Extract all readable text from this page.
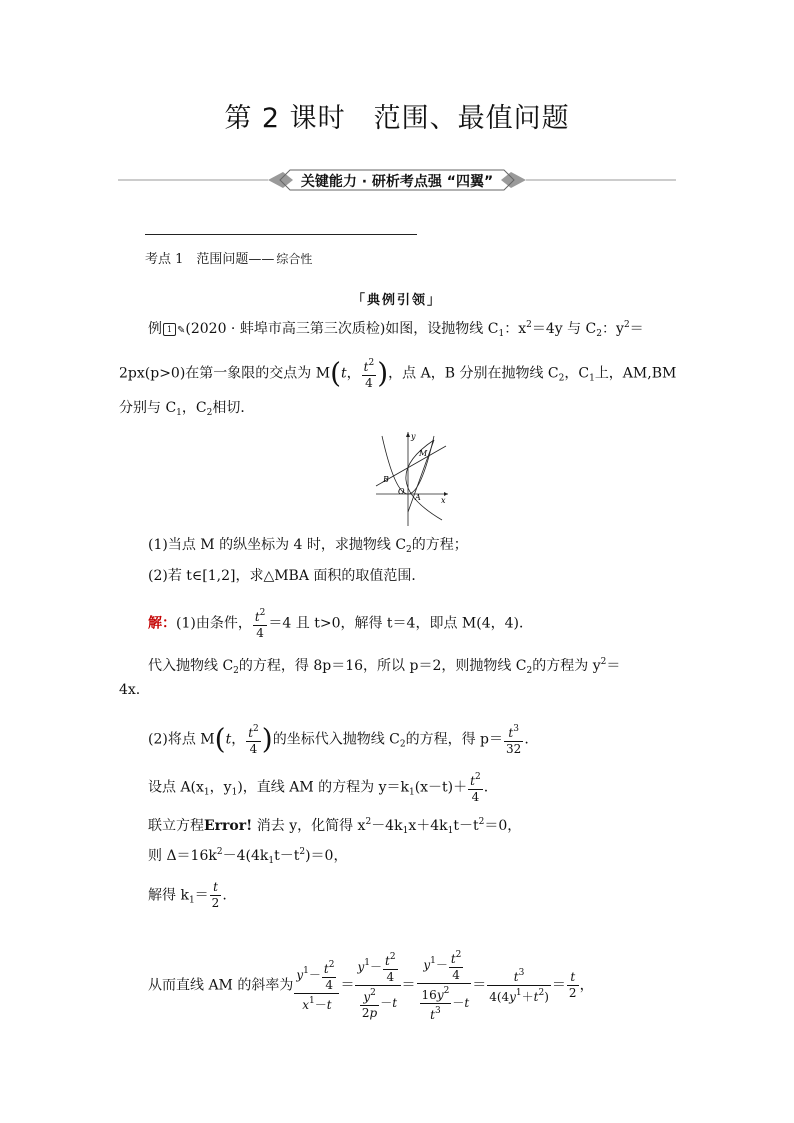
第 2 课时　范围、最值问题
关键能力 · 研析考点强 “四翼”
考点 1　范围问题—— 综合性
「典例引领」
例 1 ✎(2020 · 蚌埠市高三第三次质检)如图，设抛物线 $C_1$：$x^2=4y$ 与 $C_2$：$y^2=$
2px(p>0)在第一象限的交点为 M(t， $\frac{t^2}{4}$ )，点 A，B 分别在抛物线 $C_2$，$C_1$上，AM,BM
分别与 $C_1$，$C_2$相切．
y
x
M
B
O
A
(1)当点 M 的纵坐标为 4 时，求抛物线 $C_2$的方程；
(2)若 t∈[1,2]，求△MBA 面积的取值范围．
解：(1)由条件， $\frac{t^2}{4} =4$ 且 t>0，解得 t＝4，即点 M(4，4)．
代入抛物线 $C_2$的方程，得 8p＝16，所以 p＝2，则抛物线 $C_2$的方程为 $y^2=$
4x.
(2)将点 M(t， $\frac{t^2}{4}$ )的坐标代入抛物线 $C_2$的方程，得 $p= \frac{t^3}{32}$ .
设点 $A(x_1$，$y_1$)，直线 AM 的方程为 $y=k_1(x-t)+ \frac{t^2}{4}$ .
联立方程Error! 消去 y，化简得 $x^2-4k_1x+4k_1t-t^2=0$，
则 $\Delta=16k^2-4(4k_1t-t^2)=0$，
解得 $k_1= \frac{t}{2}$ .
从而直线 AM 的斜率为 $\frac{y^1- \frac{t^2}{4}}{x^1-t} = \frac{y^1- \frac{t^2}{4}}{\frac{y^2}{2p} -t} = \frac{y^1- \frac{t^2}{4}}{\frac{16y^2}{t^3} -t} = \frac{t^3}{4(4y^1+t^2)} = \frac{t}{2}$ ，
